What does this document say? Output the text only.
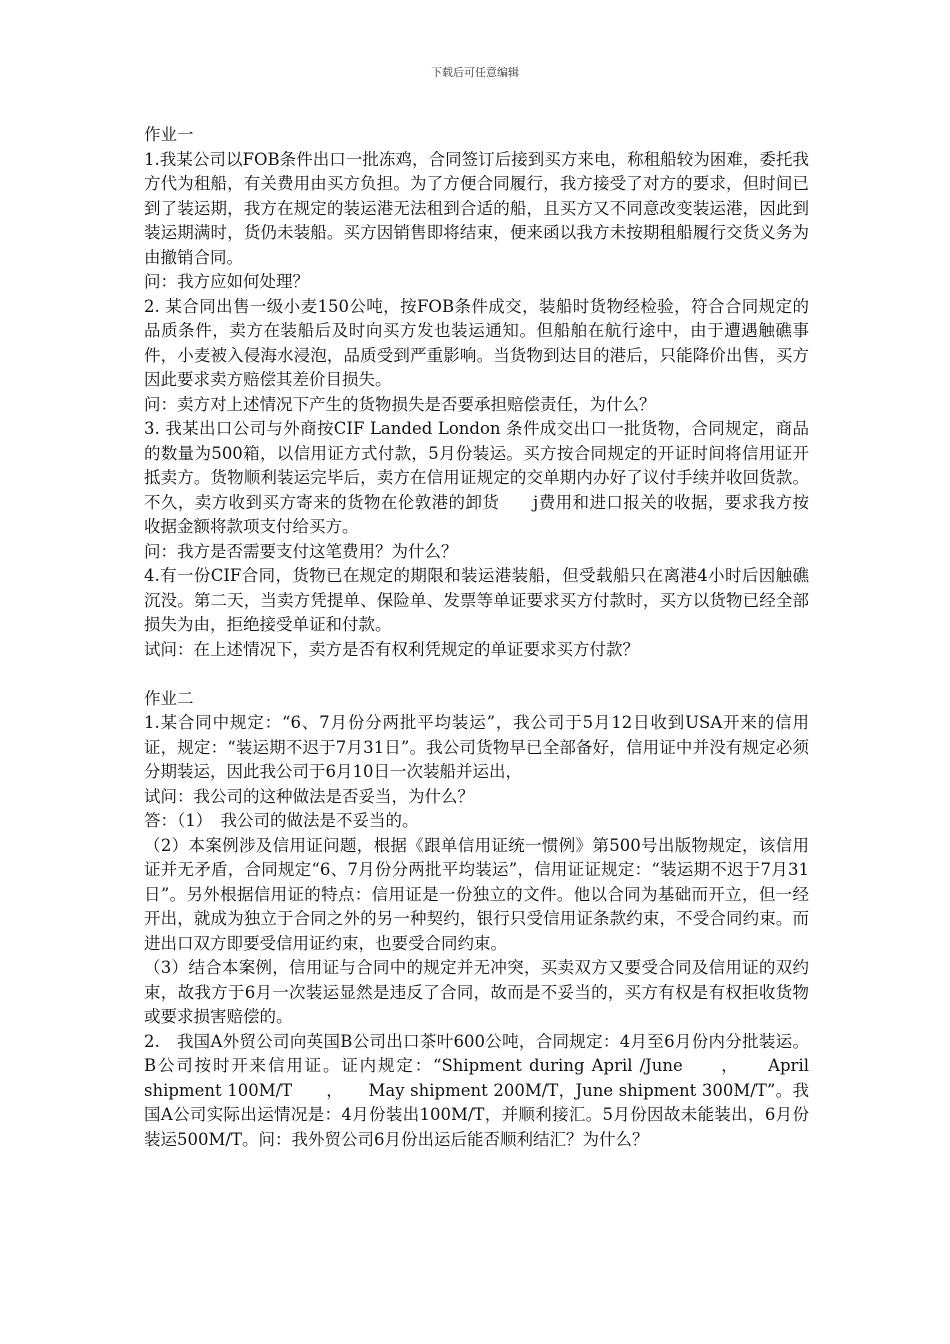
下载后可任意编辑

作业一

1.我某公司以FOB条件出口一批冻鸡，合同签订后接到买方来电，称租船较为困难，委托我方代为租船，有关费用由买方负担。为了方便合同履行，我方接受了对方的要求，但时间已到了装运期，我方在规定的装运港无法租到合适的船，且买方又不同意改变装运港，因此到装运期满时，货仍未装船。买方因销售即将结束，便来函以我方未按期租船履行交货义务为由撤销合同。

问：我方应如何处理？

2. 某合同出售一级小麦150公吨，按FOB条件成交，装船时货物经检验，符合合同规定的品质条件，卖方在装船后及时向买方发也装运通知。但船舶在航行途中，由于遭遇触礁事件，小麦被入侵海水浸泡，品质受到严重影响。当货物到达目的港后，只能降价出售，买方因此要求卖方赔偿其差价目损失。

问：卖方对上述情况下产生的货物损失是否要承担赔偿责任，为什么？

3. 我某出口公司与外商按CIF Landed London 条件成交出口一批货物，合同规定，商品的数量为500箱，以信用证方式付款，5月份装运。买方按合同规定的开证时间将信用证开抵卖方。货物顺利装运完毕后，卖方在信用证规定的交单期内办好了议付手续并收回货款。不久，卖方收到买方寄来的货物在伦敦港的卸货　　j费用和进口报关的收据，要求我方按收据金额将款项支付给买方。

问：我方是否需要支付这笔费用？为什么？

4.有一份CIF合同，货物已在规定的期限和装运港装船，但受载船只在离港4小时后因触礁沉没。第二天，当卖方凭提单、保险单、发票等单证要求买方付款时，买方以货物已经全部损失为由，拒绝接受单证和付款。

试问：在上述情况下，卖方是否有权利凭规定的单证要求买方付款？

作业二

1.某合同中规定：“6、7月份分两批平均装运”，我公司于5月12日收到USA开来的信用证，规定：“装运期不迟于7月31日”。我公司货物早已全部备好，信用证中并没有规定必须分期装运，因此我公司于6月10日一次装船并运出，

试问：我公司的这种做法是否妥当，为什么？

答：（1）　我公司的做法是不妥当的。

（2）本案例涉及信用证问题，根据《跟单信用证统一惯例》第500号出版物规定，该信用证并无矛盾，合同规定“6、7月份分两批平均装运”，信用证证规定：“装运期不迟于7月31日”。另外根据信用证的特点：信用证是一份独立的文件。他以合同为基础而开立，但一经开出，就成为独立于合同之外的另一种契约，银行只受信用证条款约束，不受合同约束。而进出口双方即要受信用证约束，也要受合同约束。

（3）结合本案例，信用证与合同中的规定并无冲突，买卖双方又要受合同及信用证的双约束，故我方于6月一次装运显然是违反了合同，故而是不妥当的，买方有权是有权拒收货物或要求损害赔偿的。

2.　我国A外贸公司向英国B公司出口茶叶600公吨，合同规定：4月至6月份内分批装运。B公司按时开来信用证。证内规定：“Shipment during April /June　　，　　April shipment 100M/T　　，　　May shipment 200M/T，June shipment 300M/T”。我国A公司实际出运情况是：4月份装出100M/T，并顺利接汇。5月份因故未能装出，6月份装运500M/T。问：我外贸公司6月份出运后能否顺利结汇？为什么？
